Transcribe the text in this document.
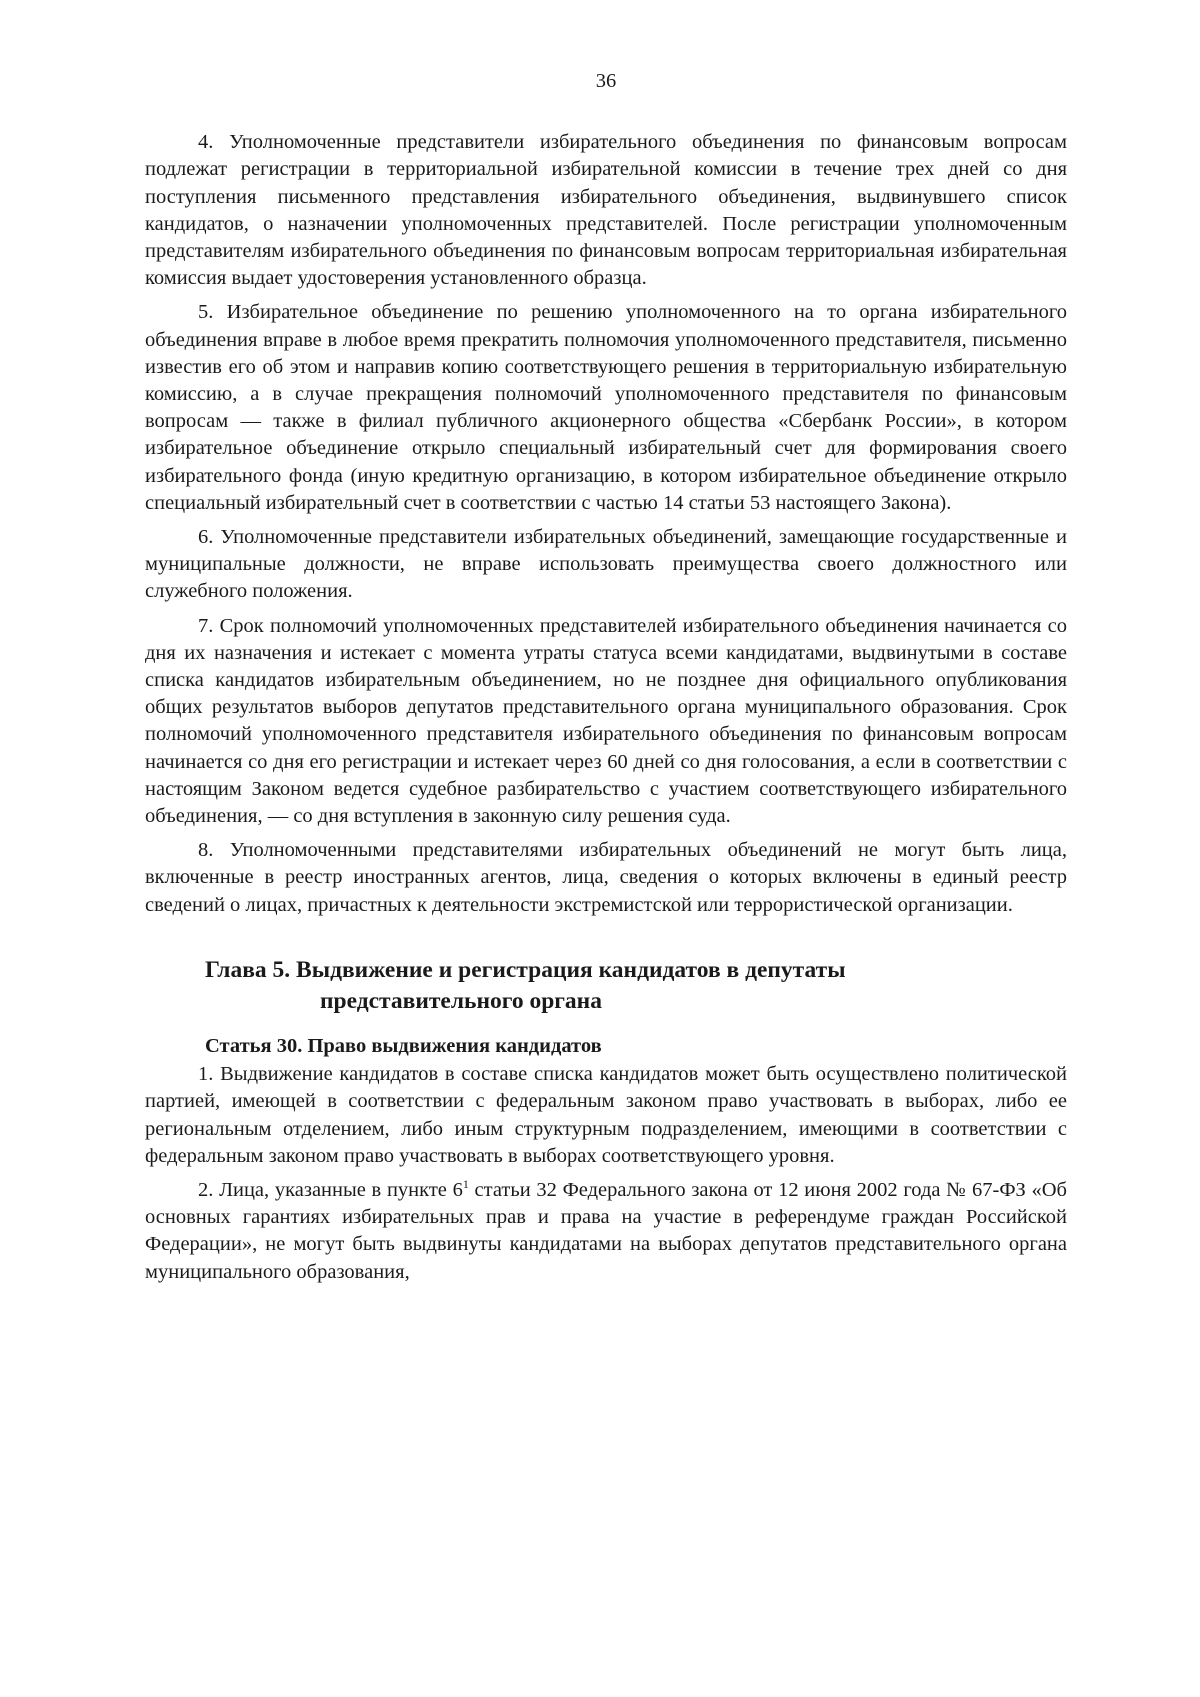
36

4. Уполномоченные представители избирательного объединения по финансовым вопросам подлежат регистрации в территориальной избирательной комиссии в течение трех дней со дня поступления письменного представления избирательного объединения, выдвинувшего список кандидатов, о назначении уполномоченных представителей. После регистрации уполномоченным представителям избирательного объединения по финансовым вопросам территориальная избирательная комиссия выдает удостоверения установленного образца.

5. Избирательное объединение по решению уполномоченного на то органа избирательного объединения вправе в любое время прекратить полномочия уполномоченного представителя, письменно известив его об этом и направив копию соответствующего решения в территориальную избирательную комиссию, а в случае прекращения полномочий уполномоченного представителя по финансовым вопросам — также в филиал публичного акционерного общества «Сбербанк России», в котором избирательное объединение открыло специальный избирательный счет для формирования своего избирательного фонда (иную кредитную организацию, в котором избирательное объединение открыло специальный избирательный счет в соответствии с частью 14 статьи 53 настоящего Закона).

6. Уполномоченные представители избирательных объединений, замещающие государственные и муниципальные должности, не вправе использовать преимущества своего должностного или служебного положения.

7. Срок полномочий уполномоченных представителей избирательного объединения начинается со дня их назначения и истекает с момента утраты статуса всеми кандидатами, выдвинутыми в составе списка кандидатов избирательным объединением, но не позднее дня официального опубликования общих результатов выборов депутатов представительного органа муниципального образования. Срок полномочий уполномоченного представителя избирательного объединения по финансовым вопросам начинается со дня его регистрации и истекает через 60 дней со дня голосования, а если в соответствии с настоящим Законом ведется судебное разбирательство с участием соответствующего избирательного объединения, — со дня вступления в законную силу решения суда.

8. Уполномоченными представителями избирательных объединений не могут быть лица, включенные в реестр иностранных агентов, лица, сведения о которых включены в единый реестр сведений о лицах, причастных к деятельности экстремистской или террористической организации.

Глава 5. Выдвижение и регистрация кандидатов в депутаты
представительного органа
Статья 30. Право выдвижения кандидатов

1. Выдвижение кандидатов в составе списка кандидатов может быть осуществлено политической партией, имеющей в соответствии с федеральным законом право участвовать в выборах, либо ее региональным отделением, либо иным структурным подразделением, имеющими в соответствии с федеральным законом право участвовать в выборах соответствующего уровня.

2. Лица, указанные в пункте $6^1$ статьи 32 Федерального закона от 12 июня 2002 года № 67-ФЗ «Об основных гарантиях избирательных прав и права на участие в референдуме граждан Российской Федерации», не могут быть выдвинуты кандидатами на выборах депутатов представительного органа муниципального образования,
